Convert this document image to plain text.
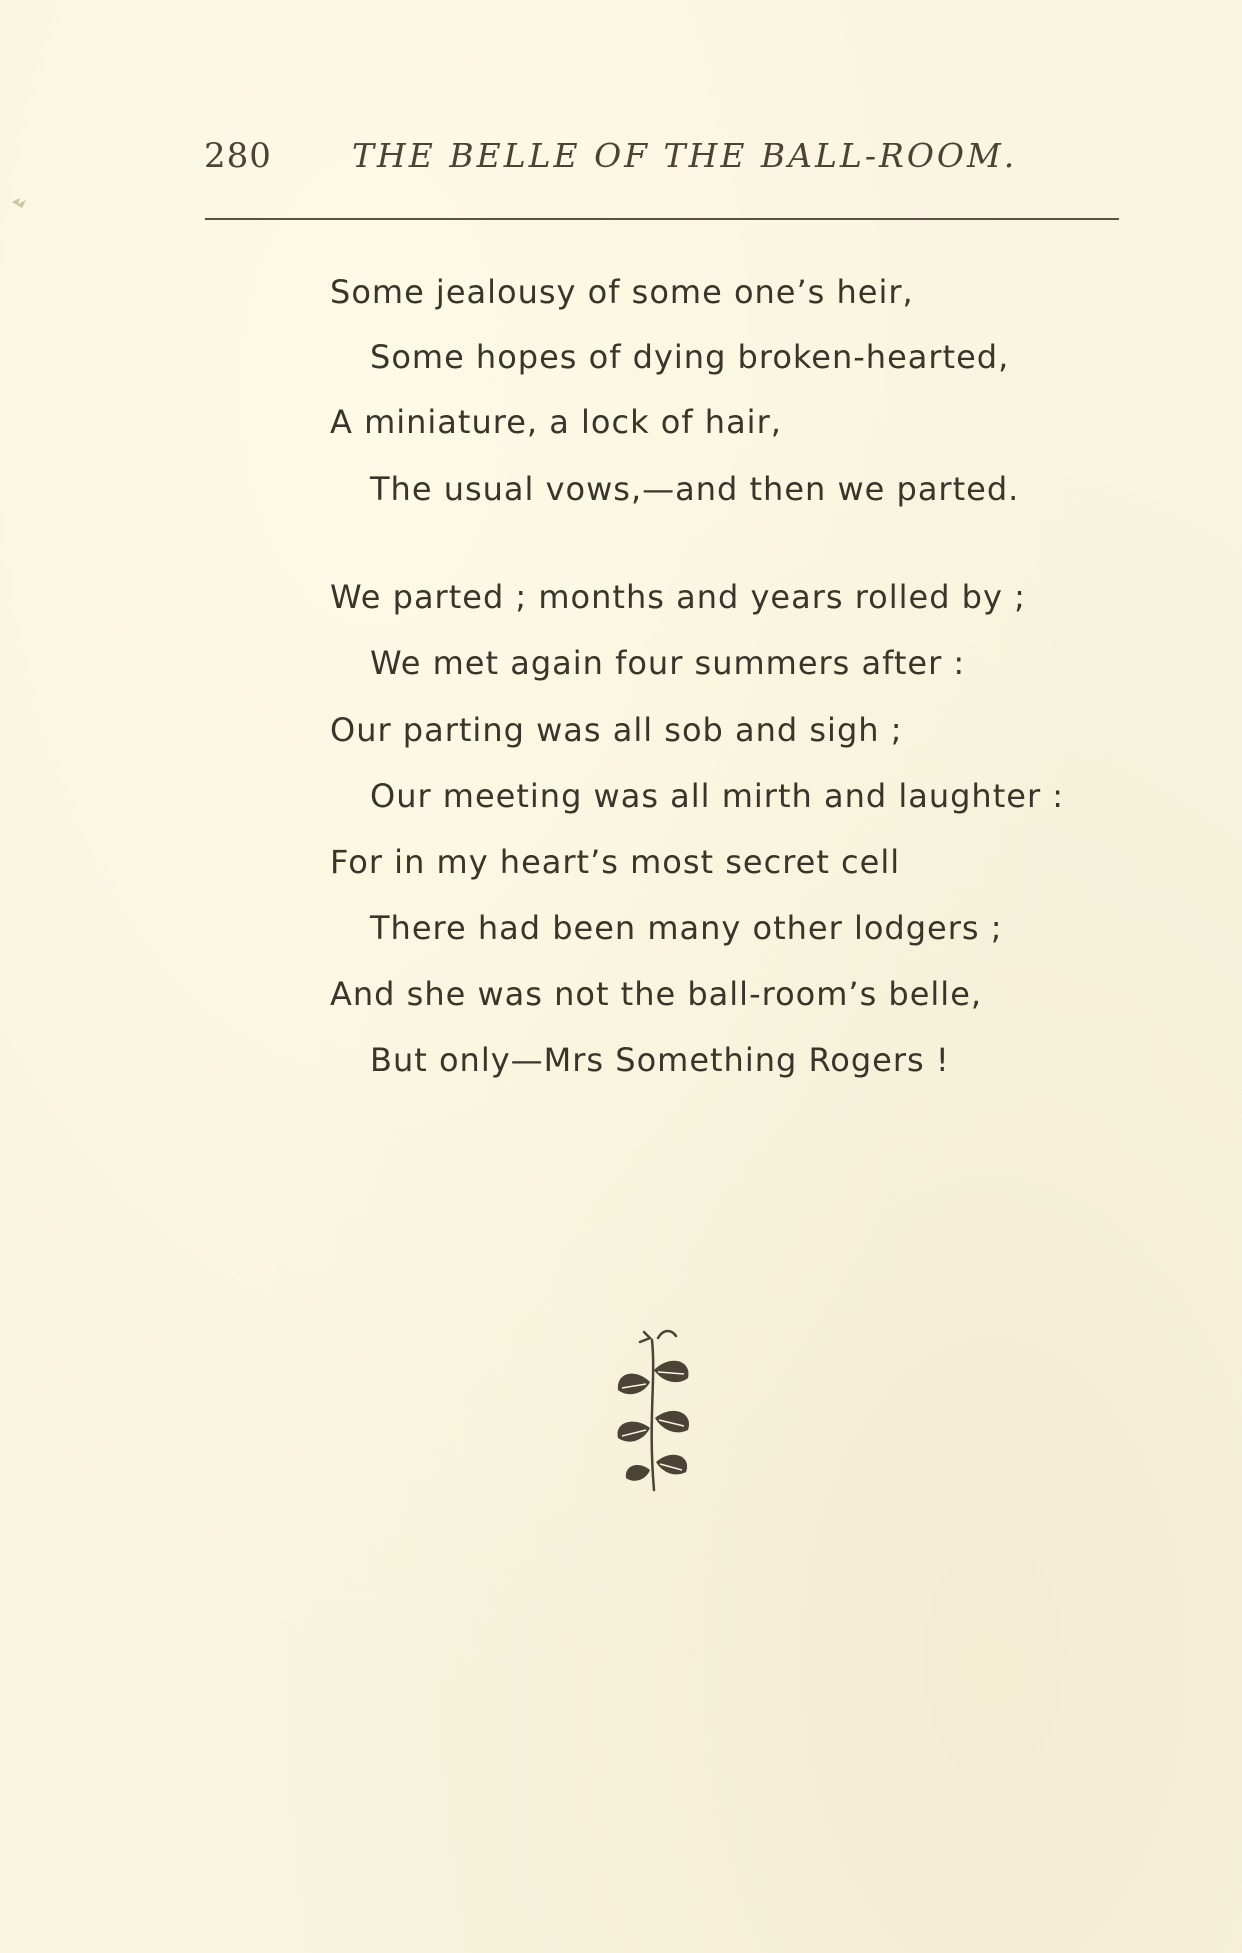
280 THE BELLE OF THE BALL-ROOM.
Some jealousy of some one’s heir,
Some hopes of dying broken-hearted,
A miniature, a lock of hair,
The usual vows,—and then we parted.
We parted ; months and years rolled by ;
We met again four summers after :
Our parting was all sob and sigh ;
Our meeting was all mirth and laughter :
For in my heart’s most secret cell
There had been many other lodgers ;
And she was not the ball-room’s belle,
But only—Mrs Something Rogers !
